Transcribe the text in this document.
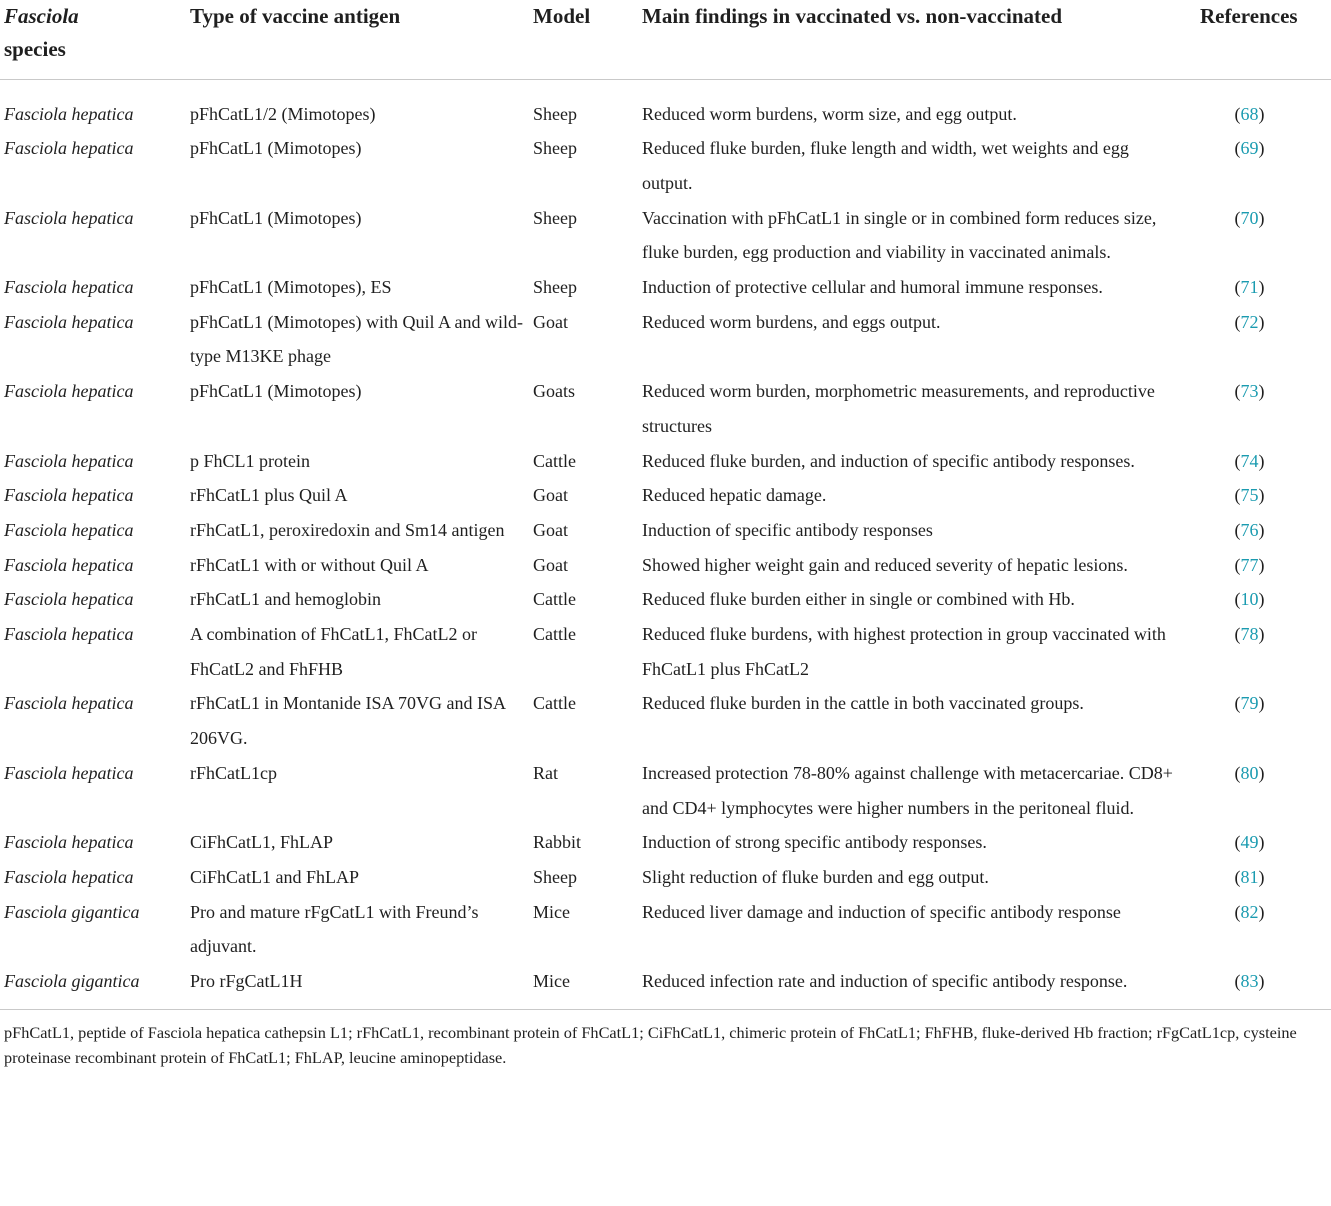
Fasciola
species	Type of vaccine antigen	Model	Main findings in vaccinated vs. non-vaccinated	References
Fasciola hepatica	pFhCatL1/2 (Mimotopes)	Sheep	Reduced worm burdens, worm size, and egg output.	(68)
Fasciola hepatica	pFhCatL1 (Mimotopes)	Sheep	Reduced fluke burden, fluke length and width, wet weights and egg output.	(69)
Fasciola hepatica	pFhCatL1 (Mimotopes)	Sheep	Vaccination with pFhCatL1 in single or in combined form reduces size, fluke burden, egg production and viability in vaccinated animals.	(70)
Fasciola hepatica	pFhCatL1 (Mimotopes), ES	Sheep	Induction of protective cellular and humoral immune responses.	(71)
Fasciola hepatica	pFhCatL1 (Mimotopes) with Quil A and wild-type M13KE phage	Goat	Reduced worm burdens, and eggs output.	(72)
Fasciola hepatica	pFhCatL1 (Mimotopes)	Goats	Reduced worm burden, morphometric measurements, and reproductive structures	(73)
Fasciola hepatica	p FhCL1 protein	Cattle	Reduced fluke burden, and induction of specific antibody responses.	(74)
Fasciola hepatica	rFhCatL1 plus Quil A	Goat	Reduced hepatic damage.	(75)
Fasciola hepatica	rFhCatL1, peroxiredoxin and Sm14 antigen	Goat	Induction of specific antibody responses	(76)
Fasciola hepatica	rFhCatL1 with or without Quil A	Goat	Showed higher weight gain and reduced severity of hepatic lesions.	(77)
Fasciola hepatica	rFhCatL1 and hemoglobin	Cattle	Reduced fluke burden either in single or combined with Hb.	(10)
Fasciola hepatica	A combination of FhCatL1, FhCatL2 or FhCatL2 and FhFHB	Cattle	Reduced fluke burdens, with highest protection in group vaccinated with FhCatL1 plus FhCatL2	(78)
Fasciola hepatica	rFhCatL1 in Montanide ISA 70VG and ISA 206VG.	Cattle	Reduced fluke burden in the cattle in both vaccinated groups.	(79)
Fasciola hepatica	rFhCatL1cp	Rat	Increased protection 78-80% against challenge with metacercariae. CD8+ and CD4+ lymphocytes were higher numbers in the peritoneal fluid.	(80)
Fasciola hepatica	CiFhCatL1, FhLAP	Rabbit	Induction of strong specific antibody responses.	(49)
Fasciola hepatica	CiFhCatL1 and FhLAP	Sheep	Slight reduction of fluke burden and egg output.	(81)
Fasciola gigantica	Pro and mature rFgCatL1 with Freund’s adjuvant.	Mice	Reduced liver damage and induction of specific antibody response	(82)
Fasciola gigantica	Pro rFgCatL1H	Mice	Reduced infection rate and induction of specific antibody response.	(83)
pFhCatL1, peptide of Fasciola hepatica cathepsin L1; rFhCatL1, recombinant protein of FhCatL1; CiFhCatL1, chimeric protein of FhCatL1; FhFHB, fluke-derived Hb fraction; rFgCatL1cp, cysteine proteinase recombinant protein of FhCatL1; FhLAP, leucine aminopeptidase.
